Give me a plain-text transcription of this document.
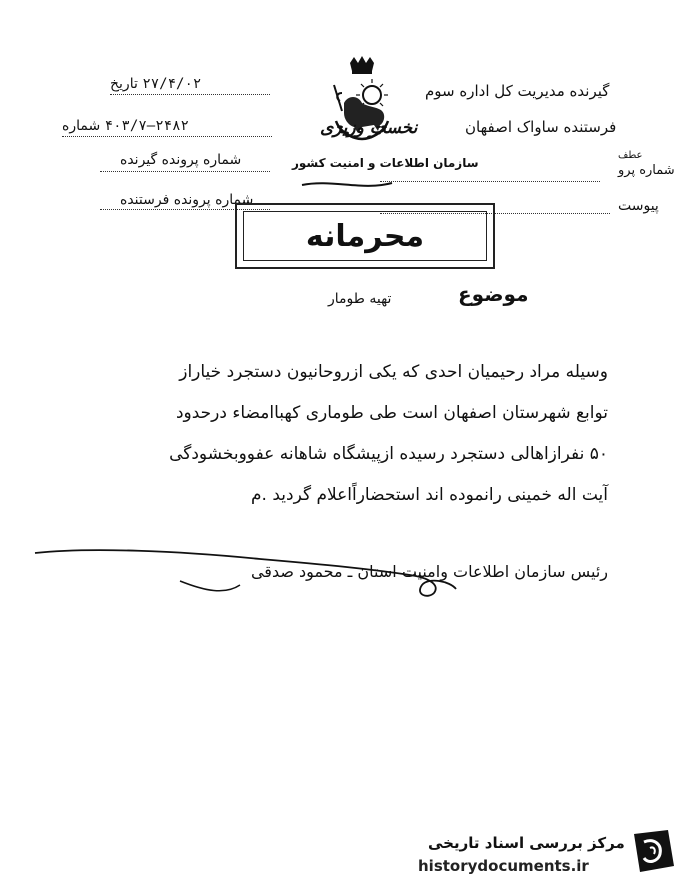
تاریخ ۲۷/۴/۰۲
شماره ۲۴۸۲–۴۰۳/۷
شماره پرونده گیرنده
شماره پرونده فرستنده
نخست وزیری
سازمان اطلاعات و امنیت کشور
گیرنده مدیریت کل اداره سوم
فرستنده ساواک اصفهان
عطف
شماره پرو
پیوست
محرمانه
موضوع
تهیه طومار
وسیله مراد رحیمیان احدی که یکی ازروحانیون دستجرد خیاراز
توابع شهرستان اصفهان است طی طوماری کهباامضاء درحدود
۵۰ نفرازاهالی دستجرد رسیده ازپیشگاه شاهانه عفووبخشودگی
آیت اله خمینی رانموده اند استحضاراًاعلام گردید .م
رئیس سازمان اطلاعات وامنیت استان ـ محمود صدقی
مرکز بررسی اسناد تاریخی
historydocuments.ir
